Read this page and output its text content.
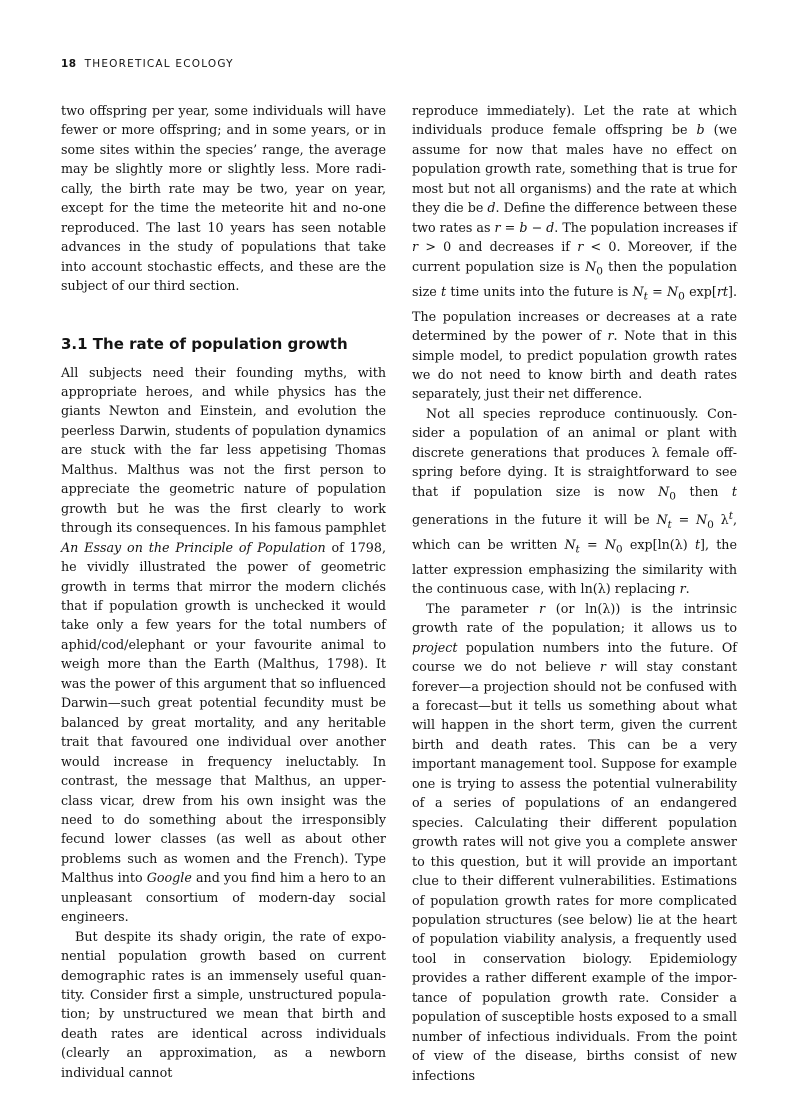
18 THEORETICAL ECOLOGY

two offspring per year, some individuals will have fewer or more offspring; and in some years, or in some sites within the species’ range, the average may be slightly more or slightly less. More radically, the birth rate may be two, year on year, except for the time the meteorite hit and no-one reproduced. The last 10 years has seen notable advances in the study of populations that take into account stochastic effects, and these are the subject of our third section.

3.1 The rate of population growth

All subjects need their founding myths, with appropriate heroes, and while physics has the giants Newton and Einstein, and evolution the peerless Darwin, students of population dynamics are stuck with the far less appetising Thomas Malthus. Malthus was not the first person to appreciate the geometric nature of population growth but he was the first clearly to work through its consequences. In his famous pamphlet An Essay on the Principle of Population of 1798, he vividly illustrated the power of geometric growth in terms that mirror the modern clichés that if population growth is unchecked it would take only a few years for the total numbers of aphid/cod/elephant or your favourite animal to weigh more than the Earth (Malthus, 1798). It was the power of this argument that so influenced Darwin—such great potential fecundity must be balanced by great mortality, and any heritable trait that favoured one individual over another would increase in frequency ineluctably. In contrast, the message that Malthus, an upper-class vicar, drew from his own insight was the need to do something about the irresponsibly fecund lower classes (as well as about other problems such as women and the French). Type Malthus into Google and you find him a hero to an unpleasant consortium of modern-day social engineers.

But despite its shady origin, the rate of exponential population growth based on current demographic rates is an immensely useful quantity. Consider first a simple, unstructured population; by unstructured we mean that birth and death rates are identical across individuals (clearly an approximation, as a newborn individual cannot

reproduce immediately). Let the rate at which individuals produce female offspring be b (we assume for now that males have no effect on population growth rate, something that is true for most but not all organisms) and the rate at which they die be d. Define the difference between these two rates as r = b − d. The population increases if r > 0 and decreases if r < 0. Moreover, if the current population size is $N_0$ then the population size t time units into the future is $N_t = N_0$ exp[rt]. The population increases or decreases at a rate determined by the power of r. Note that in this simple model, to predict population growth rates we do not need to know birth and death rates separately, just their net difference.

Not all species reproduce continuously. Consider a population of an animal or plant with discrete generations that produces λ female offspring before dying. It is straightforward to see that if population size is now $N_0$ then t generations in the future it will be $N_t = N_0$ $\lambda^t$, which can be written $N_t = N_0$ exp[ln(λ) t], the latter expression emphasizing the similarity with the continuous case, with ln(λ) replacing r.

The parameter r (or ln(λ)) is the intrinsic growth rate of the population; it allows us to project population numbers into the future. Of course we do not believe r will stay constant forever—a projection should not be confused with a forecast—but it tells us something about what will happen in the short term, given the current birth and death rates. This can be a very important management tool. Suppose for example one is trying to assess the potential vulnerability of a series of populations of an endangered species. Calculating their different population growth rates will not give you a complete answer to this question, but it will provide an important clue to their different vulnerabilities. Estimations of population growth rates for more complicated population structures (see below) lie at the heart of population viability analysis, a frequently used tool in conservation biology. Epidemiology provides a rather different example of the importance of population growth rate. Consider a population of susceptible hosts exposed to a small number of infectious individuals. From the point of view of the disease, births consist of new infections
